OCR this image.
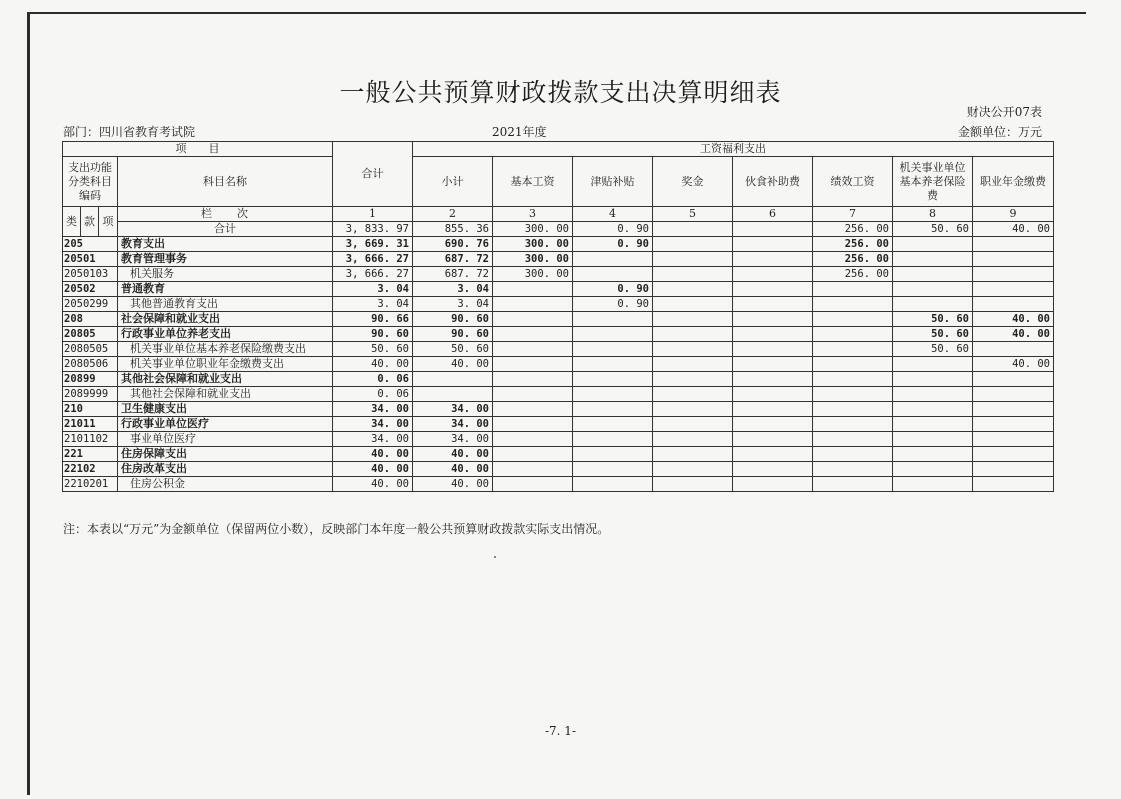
一般公共预算财政拨款支出决算明细表
财决公开07表
部门：四川省教育考试院	2021年度	金额单位：万元
项　　目				合计	工资福利支出							
支出功能分类科目编码			科目名称		小计	基本工资	津贴补贴	奖金	伙食补助费	绩效工资	机关事业单位基本养老保险费	职业年金缴费
类	款	项	栏　　次	1	2	3	4	5	6	7	8	9
			合计	3, 833. 97	855. 36	300. 00	0. 90			256. 00	50. 60	40. 00
205			教育支出	3, 669. 31	690. 76	300. 00	0. 90			256. 00		
20501			教育管理事务	3, 666. 27	687. 72	300. 00				256. 00		
2050103			机关服务	3, 666. 27	687. 72	300. 00				256. 00		
20502			普通教育	3. 04	3. 04		0. 90					
2050299			其他普通教育支出	3. 04	3. 04		0. 90					
208			社会保障和就业支出	90. 66	90. 60						50. 60	40. 00
20805			行政事业单位养老支出	90. 60	90. 60						50. 60	40. 00
2080505			机关事业单位基本养老保险缴费支出	50. 60	50. 60						50. 60	
2080506			机关事业单位职业年金缴费支出	40. 00	40. 00							40. 00
20899			其他社会保障和就业支出	0. 06								
2089999			其他社会保障和就业支出	0. 06								
210			卫生健康支出	34. 00	34. 00							
21011			行政事业单位医疗	34. 00	34. 00							
2101102			事业单位医疗	34. 00	34. 00							
221			住房保障支出	40. 00	40. 00							
22102			住房改革支出	40. 00	40. 00							
2210201			住房公积金	40. 00	40. 00							
注：本表以“万元”为金额单位（保留两位小数），反映部门本年度一般公共预算财政拨款实际支出情况。
-7. 1-
